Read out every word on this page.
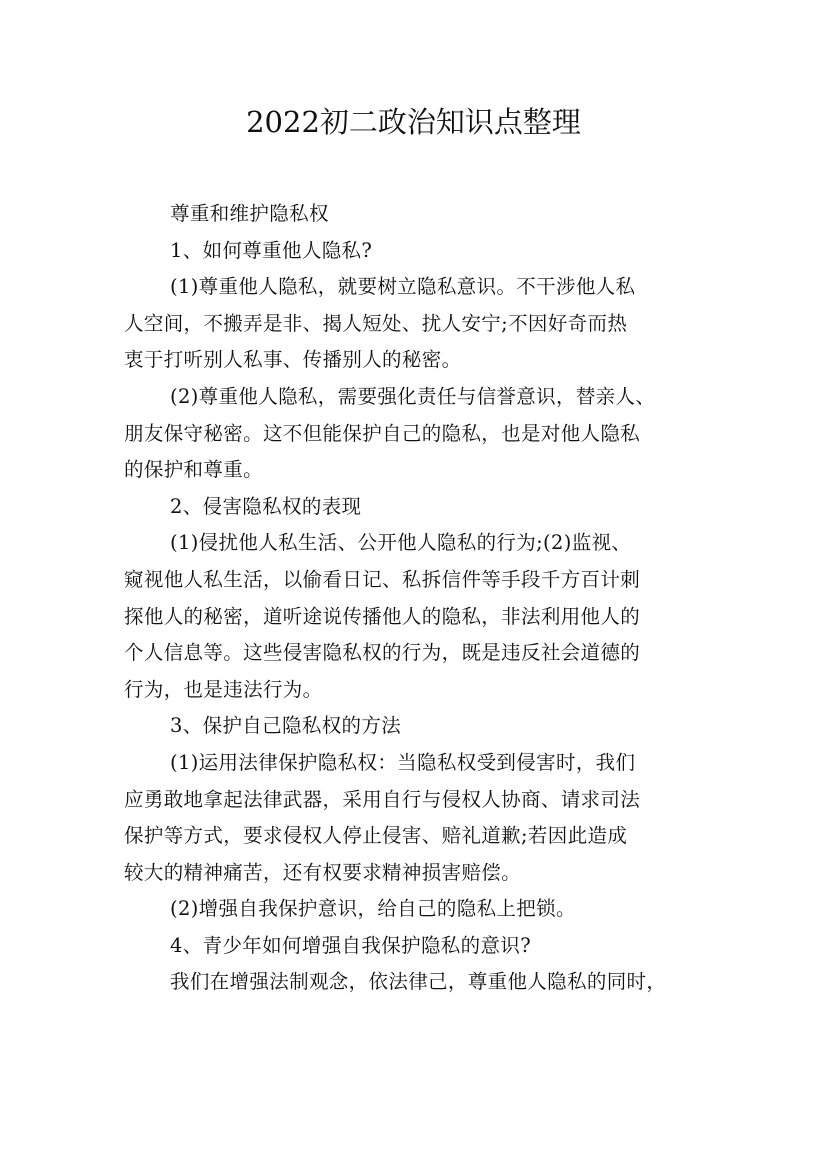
2022初二政治知识点整理
尊重和维护隐私权
1、如何尊重他人隐私?
(1)尊重他人隐私，就要树立隐私意识。不干涉他人私
人空间，不搬弄是非、揭人短处、扰人安宁;不因好奇而热
衷于打听别人私事、传播别人的秘密。
(2)尊重他人隐私，需要强化责任与信誉意识，替亲人、
朋友保守秘密。这不但能保护自己的隐私，也是对他人隐私
的保护和尊重。
2、侵害隐私权的表现
(1)侵扰他人私生活、公开他人隐私的行为;(2)监视、
窥视他人私生活，以偷看日记、私拆信件等手段千方百计刺
探他人的秘密，道听途说传播他人的隐私，非法利用他人的
个人信息等。这些侵害隐私权的行为，既是违反社会道德的
行为，也是违法行为。
3、保护自己隐私权的方法
(1)运用法律保护隐私权：当隐私权受到侵害时，我们
应勇敢地拿起法律武器，采用自行与侵权人协商、请求司法
保护等方式，要求侵权人停止侵害、赔礼道歉;若因此造成
较大的精神痛苦，还有权要求精神损害赔偿。
(2)增强自我保护意识，给自己的隐私上把锁。
4、青少年如何增强自我保护隐私的意识?
我们在增强法制观念，依法律己，尊重他人隐私的同时，
